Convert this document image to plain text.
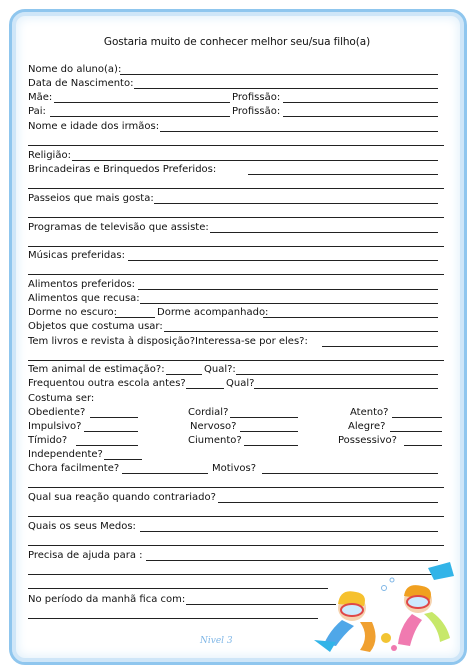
Gostaria muito de conhecer melhor seu/sua filho(a)
Nome do aluno(a):
Data de Nascimento:
Mãe:	Profissão:
Pai:	Profissão:
Nome e idade dos irmãos:
Religião:
Brincadeiras e Brinquedos Preferidos:
Passeios que mais gosta:
Programas de televisão que assiste:
Músicas preferidas:
Alimentos preferidos:
Alimentos que recusa:
Dorme no escuro:	Dorme acompanhado:
Objetos que costuma usar:
Tem livros e revista à disposição?Interessa-se por eles?:
Tem animal de estimação?:	Qual?:
Frequentou outra escola antes?	Qual?
Costuma ser:
Obediente?	Cordial?	Atento?
Impulsivo?	Nervoso?	Alegre?
Tímido?	Ciumento?	Possessivo?
Independente?
Chora facilmente?	Motivos?
Qual sua reação quando contrariado?
Quais os seus Medos:
Precisa de ajuda para :
No período da manhã fica com:
Nivel 3
